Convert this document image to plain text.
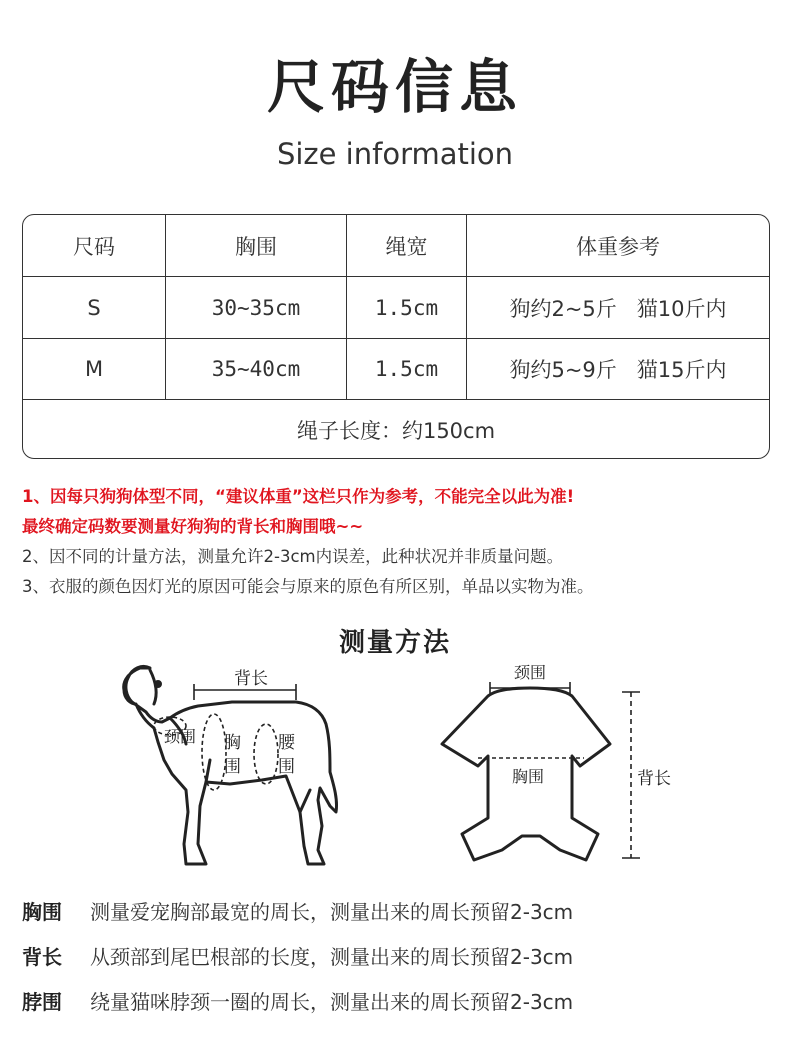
尺码信息
Size information
尺码	胸围	绳宽	体重参考
S	30~35cm	1.5cm	狗约2~5斤   猫10斤内
M	35~40cm	1.5cm	狗约5~9斤   猫15斤内
绳子长度：约150cm
1、因每只狗狗体型不同，“建议体重”这栏只作为参考，不能完全以此为准!
最终确定码数要测量好狗狗的背长和胸围哦~~
2、因不同的计量方法，测量允许2-3cm内误差，此种状况并非质量问题。
3、衣服的颜色因灯光的原因可能会与原来的原色有所区别，单品以实物为准。
测量方法
背长
颈围 胸
围
腰
围
颈围
胸围	背长
胸围	测量爱宠胸部最宽的周长，测量出来的周长预留2-3cm
背长	从颈部到尾巴根部的长度，测量出来的周长预留2-3cm
脖围	绕量猫咪脖颈一圈的周长，测量出来的周长预留2-3cm
